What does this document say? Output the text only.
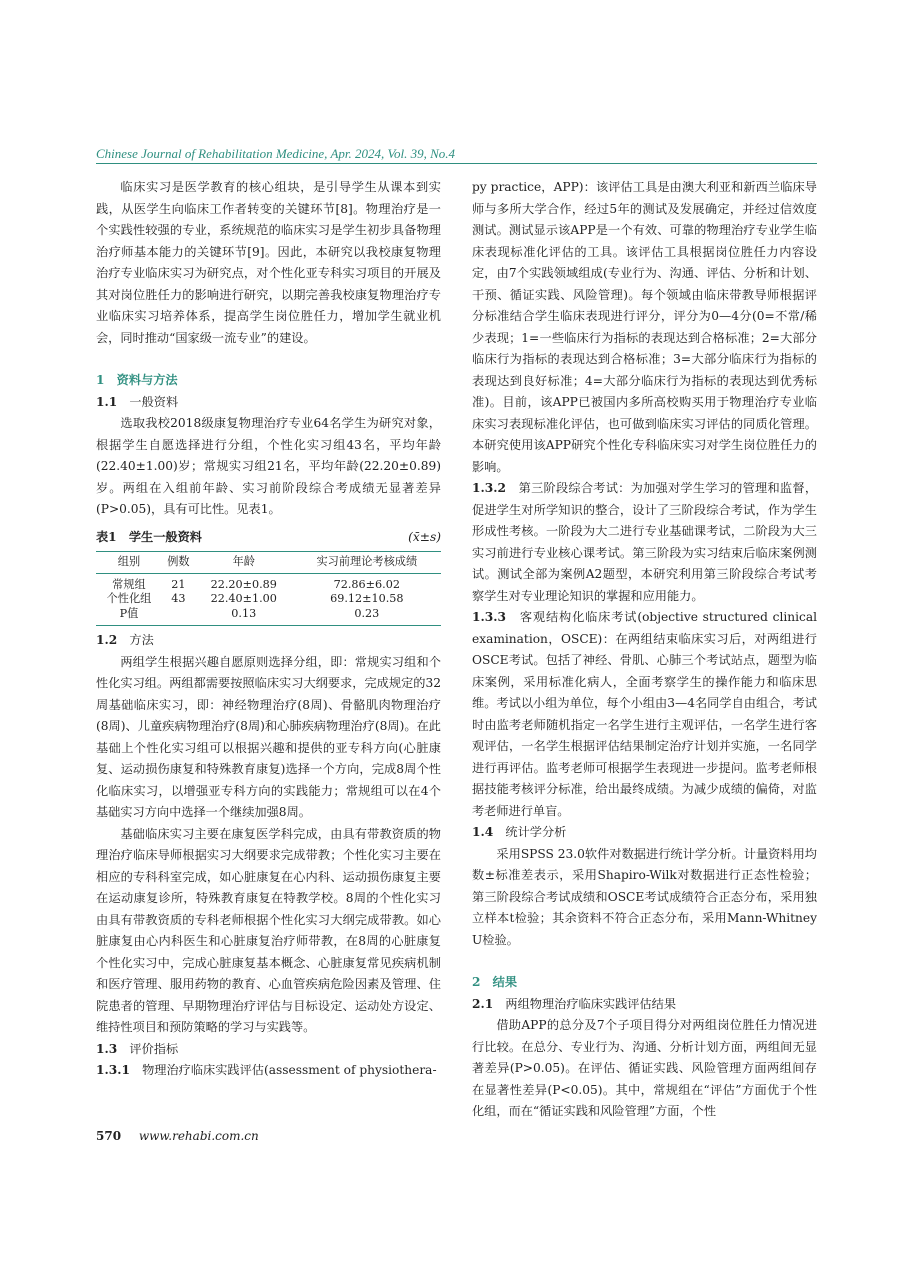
Chinese Journal of Rehabilitation Medicine, Apr. 2024, Vol. 39, No.4

临床实习是医学教育的核心组块，是引导学生从课本到实践，从医学生向临床工作者转变的关键环节[8]。物理治疗是一个实践性较强的专业，系统规范的临床实习是学生初步具备物理治疗师基本能力的关键环节[9]。因此，本研究以我校康复物理治疗专业临床实习为研究点，对个性化亚专科实习项目的开展及其对岗位胜任力的影响进行研究，以期完善我校康复物理治疗专业临床实习培养体系，提高学生岗位胜任力，增加学生就业机会，同时推动“国家级一流专业”的建设。

1　资料与方法

1.1　 一般资料

选取我校2018级康复物理治疗专业64名学生为研究对象，根据学生自愿选择进行分组，个性化实习组43名，平均年龄(22.40±1.00)岁；常规实习组21名，平均年龄(22.20±0.89)岁。两组在入组前年龄、实习前阶段综合考成绩无显著差异(P>0.05)，具有可比性。见表1。

表1　学生一般资料	(x̄±s)

组别	例数	年龄	实习前理论考核成绩
常规组	21	22.20±0.89	72.86±6.02
个性化组	43	22.40±1.00	69.12±10.58
P值		0.13	0.23

1.2　 方法

两组学生根据兴趣自愿原则选择分组，即：常规实习组和个性化实习组。两组都需要按照临床实习大纲要求，完成规定的32周基础临床实习，即：神经物理治疗(8周)、骨骼肌肉物理治疗(8周)、儿童疾病物理治疗(8周)和心肺疾病物理治疗(8周)。在此基础上个性化实习组可以根据兴趣和提供的亚专科方向(心脏康复、运动损伤康复和特殊教育康复)选择一个方向，完成8周个性化临床实习，以增强亚专科方向的实践能力；常规组可以在4个基础实习方向中选择一个继续加强8周。

基础临床实习主要在康复医学科完成，由具有带教资质的物理治疗临床导师根据实习大纲要求完成带教；个性化实习主要在相应的专科科室完成，如心脏康复在心内科、运动损伤康复主要在运动康复诊所，特殊教育康复在特教学校。8周的个性化实习由具有带教资质的专科老师根据个性化实习大纲完成带教。如心脏康复由心内科医生和心脏康复治疗师带教，在8周的心脏康复个性化实习中，完成心脏康复基本概念、心脏康复常见疾病机制和医疗管理、服用药物的教育、心血管疾病危险因素及管理、住院患者的管理、早期物理治疗评估与目标设定、运动处方设定、维持性项目和预防策略的学习与实践等。

1.3　 评价指标

1.3.1　 物理治疗临床实践评估(assessment of physiothera-

py practice，APP)：该评估工具是由澳大利亚和新西兰临床导师与多所大学合作，经过5年的测试及发展确定，并经过信效度测试。测试显示该APP是一个有效、可靠的物理治疗专业学生临床表现标准化评估的工具。该评估工具根据岗位胜任力内容设定，由7个实践领域组成(专业行为、沟通、评估、分析和计划、干预、循证实践、风险管理)。每个领域由临床带教导师根据评分标准结合学生临床表现进行评分，评分为0—4分(0=不常/稀少表现；1=一些临床行为指标的表现达到合格标准；2=大部分临床行为指标的表现达到合格标准；3=大部分临床行为指标的表现达到良好标准；4=大部分临床行为指标的表现达到优秀标准)。目前，该APP已被国内多所高校购买用于物理治疗专业临床实习表现标准化评估，也可做到临床实习评估的同质化管理。本研究使用该APP研究个性化专科临床实习对学生岗位胜任力的影响。

1.3.2　 第三阶段综合考试：为加强对学生学习的管理和监督，促进学生对所学知识的整合，设计了三阶段综合考试，作为学生形成性考核。一阶段为大二进行专业基础课考试，二阶段为大三实习前进行专业核心课考试。第三阶段为实习结束后临床案例测试。测试全部为案例A2题型，本研究利用第三阶段综合考试考察学生对专业理论知识的掌握和应用能力。

1.3.3　 客观结构化临床考试(objective structured clinical examination，OSCE)：在两组结束临床实习后，对两组进行OSCE考试。包括了神经、骨肌、心肺三个考试站点，题型为临床案例，采用标准化病人，全面考察学生的操作能力和临床思维。考试以小组为单位，每个小组由3—4名同学自由组合，考试时由监考老师随机指定一名学生进行主观评估，一名学生进行客观评估，一名学生根据评估结果制定治疗计划并实施，一名同学进行再评估。监考老师可根据学生表现进一步提问。监考老师根据技能考核评分标准，给出最终成绩。为减少成绩的偏倚，对监考老师进行单盲。

1.4　 统计学分析

采用SPSS 23.0软件对数据进行统计学分析。计量资料用均数±标准差表示，采用Shapiro-Wilk对数据进行正态性检验；第三阶段综合考试成绩和OSCE考试成绩符合正态分布，采用独立样本t检验；其余资料不符合正态分布，采用Mann-Whitney U检验。

2　结果

2.1　 两组物理治疗临床实践评估结果

借助APP的总分及7个子项目得分对两组岗位胜任力情况进行比较。在总分、专业行为、沟通、分析计划方面，两组间无显著差异(P>0.05)。在评估、循证实践、风险管理方面两组间存在显著性差异(P<0.05)。其中，常规组在“评估”方面优于个性化组，而在“循证实践和风险管理”方面，个性

570 www.rehabi.com.cn
